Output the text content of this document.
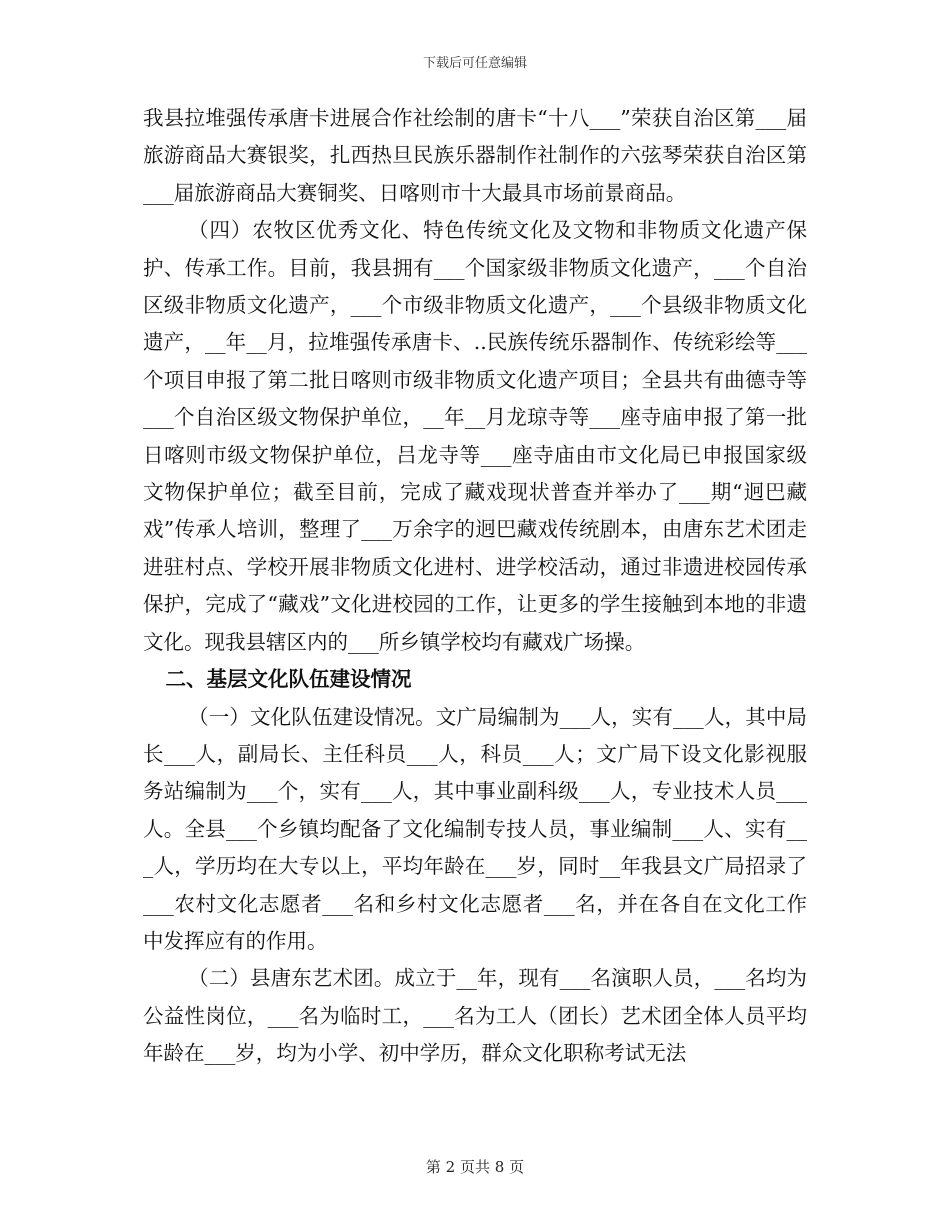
下载后可任意编辑

我县拉堆强传承唐卡进展合作社绘制的唐卡“十八___”荣获自治区第___届旅游商品大赛银奖，扎西热旦民族乐器制作社制作的六弦琴荣获自治区第___届旅游商品大赛铜奖、日喀则市十大最具市场前景商品。

（四）农牧区优秀文化、特色传统文化及文物和非物质文化遗产保护、传承工作。目前，我县拥有___个国家级非物质文化遗产，___个自治区级非物质文化遗产，___个市级非物质文化遗产，___个县级非物质文化遗产，__年__月，拉堆强传承唐卡、..民族传统乐器制作、传统彩绘等___个项目申报了第二批日喀则市级非物质文化遗产项目；全县共有曲德寺等___个自治区级文物保护单位，__年__月龙琼寺等___座寺庙申报了第一批日喀则市级文物保护单位，吕龙寺等___座寺庙由市文化局已申报国家级文物保护单位；截至目前，完成了藏戏现状普查并举办了___期“迥巴藏戏”传承人培训，整理了___万余字的迥巴藏戏传统剧本，由唐东艺术团走进驻村点、学校开展非物质文化进村、进学校活动，通过非遗进校园传承保护，完成了“藏戏”文化进校园的工作，让更多的学生接触到本地的非遗文化。现我县辖区内的___所乡镇学校均有藏戏广场操。

二、基层文化队伍建设情况

（一）文化队伍建设情况。文广局编制为___人，实有___人，其中局长___人，副局长、主任科员___人，科员___人；文广局下设文化影视服务站编制为___个，实有___人，其中事业副科级___人，专业技术人员___人。全县___个乡镇均配备了文化编制专技人员，事业编制___人、实有___人，学历均在大专以上，平均年龄在___岁，同时__年我县文广局招录了___农村文化志愿者___名和乡村文化志愿者___名，并在各自在文化工作中发挥应有的作用。

（二）县唐东艺术团。成立于__年，现有___名演职人员，___名均为公益性岗位，___名为临时工，___名为工人（团长）艺术团全体人员平均年龄在___岁，均为小学、初中学历，群众文化职称考试无法

第 2 页共 8 页
